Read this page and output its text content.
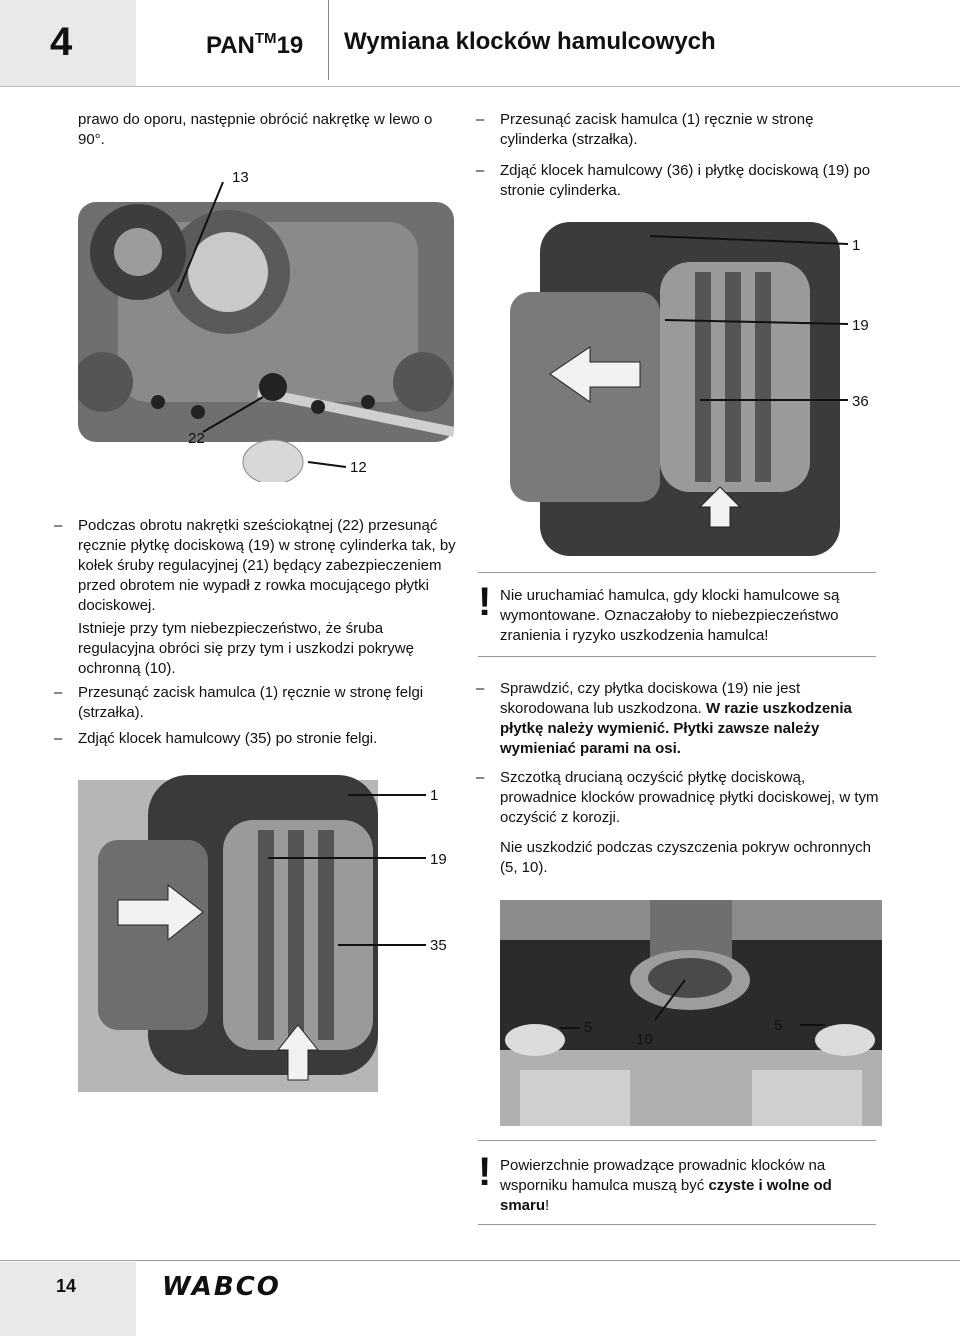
4	PAN™19 Wymiana klocków hamulcowych
prawo do oporu, następnie obrócić nakrętkę w lewo o 90°.
13
22
12
– Podczas obrotu nakrętki sześciokątnej (22) przesunąć ręcznie płytkę dociskową (19) w stronę cylinderka tak, by kołek śruby regulacyjnej (21) będący zabezpieczeniem przed obrotem nie wypadł z rowka mocującego płytki dociskowej.
Istnieje przy tym niebezpieczeństwo, że śruba regulacyjna obróci się przy tym i uszkodzi pokrywę ochronną (10).
– Przesunąć zacisk hamulca (1) ręcznie w stronę felgi (strzałka).
– Zdjąć klocek hamulcowy (35) po stronie felgi.
1
19
35
– Przesunąć zacisk hamulca (1) ręcznie w stronę cylinderka (strzałka).
– Zdjąć klocek hamulcowy (36) i płytkę dociskową (19) po stronie cylinderka.
1
19
36
! Nie uruchamiać hamulca, gdy klocki hamulcowe są wymontowane. Oznaczałoby to niebezpieczeństwo zranienia i ryzyko uszkodzenia hamulca!
– Sprawdzić, czy płytka dociskowa (19) nie jest skorodowana lub uszkodzona. W razie uszkodzenia płytkę należy wymienić. Płytki zawsze należy wymieniać parami na osi.
– Szczotką drucianą oczyścić płytkę dociskową, prowadnice klocków prowadnicę płytki dociskowej, w tym oczyścić z korozji.
Nie uszkodzić podczas czyszczenia pokryw ochronnych (5, 10).
5
10
5
! Powierzchnie prowadzące prowadnic klocków na wsporniku hamulca muszą być czyste i wolne od smaru!
14	WABCO
